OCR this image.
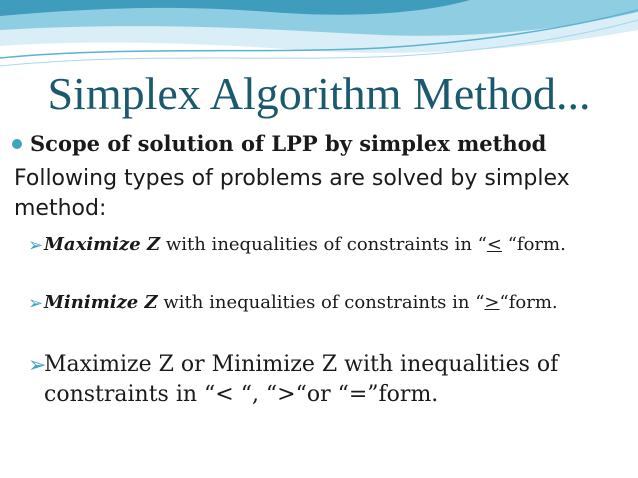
Simplex Algorithm Method...
Scope of solution of LPP by simplex method
Following types of problems are solved by simplex method:
➢ Maximize Z with inequalities of constraints in “< “form.
➢ Minimize Z with inequalities of constraints in “>“form.
➢
Maximize Z or Minimize Z with inequalities of constraints in “< “, “>“or “=”form.
